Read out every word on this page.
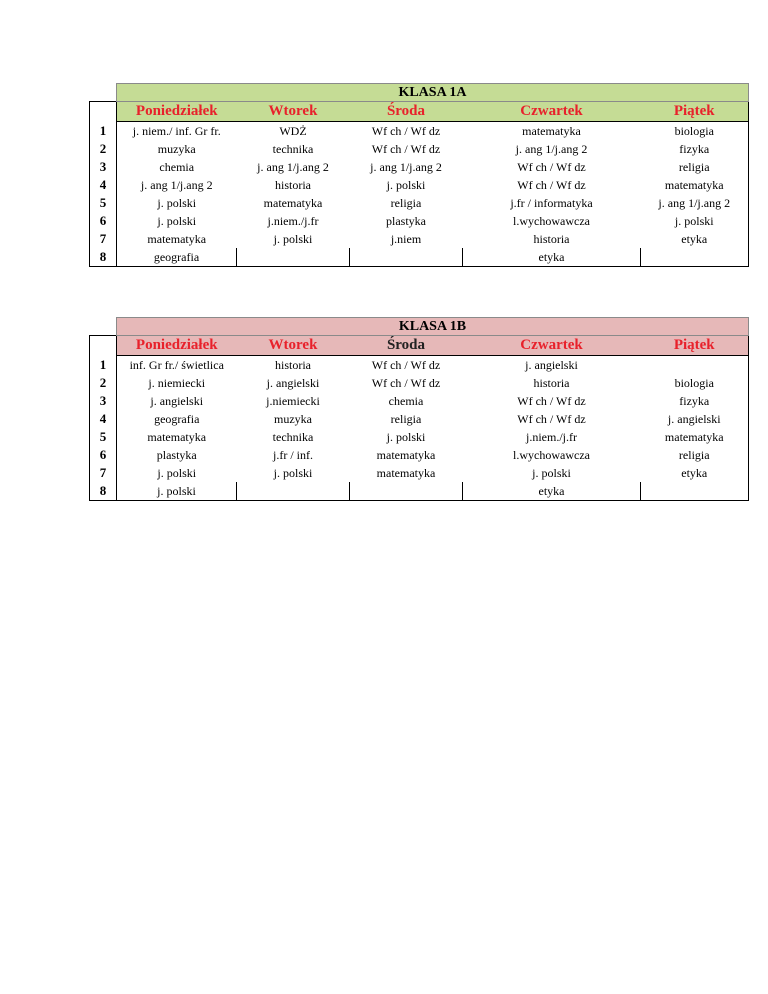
	KLASA 1A				
	Poniedziałek	Wtorek	Środa	Czwartek	Piątek
1	j. niem./ inf. Gr fr.	WDŻ	Wf ch / Wf dz	matematyka	biologia
2	muzyka	technika	Wf ch / Wf dz	j. ang 1/j.ang 2	fizyka
3	chemia	j. ang 1/j.ang 2	j. ang 1/j.ang 2	Wf ch / Wf dz	religia
4	j. ang 1/j.ang 2	historia	j. polski	Wf ch / Wf dz	matematyka
5	j. polski	matematyka	religia	j.fr / informatyka	j. ang 1/j.ang 2
6	j. polski	j.niem./j.fr	plastyka	l.wychowawcza	j. polski
7	matematyka	j. polski	j.niem	historia	etyka
8	geografia			etyka	
	KLASA 1B				
	Poniedziałek	Wtorek	Środa	Czwartek	Piątek
1	inf. Gr fr./ świetlica	historia	Wf ch / Wf dz	j. angielski	
2	j. niemiecki	j. angielski	Wf ch / Wf dz	historia	biologia
3	j. angielski	j.niemiecki	chemia	Wf ch / Wf dz	fizyka
4	geografia	muzyka	religia	Wf ch / Wf dz	j. angielski
5	matematyka	technika	j. polski	j.niem./j.fr	matematyka
6	plastyka	j.fr / inf.	matematyka	l.wychowawcza	religia
7	j. polski	j. polski	matematyka	j. polski	etyka
8	j. polski			etyka	
